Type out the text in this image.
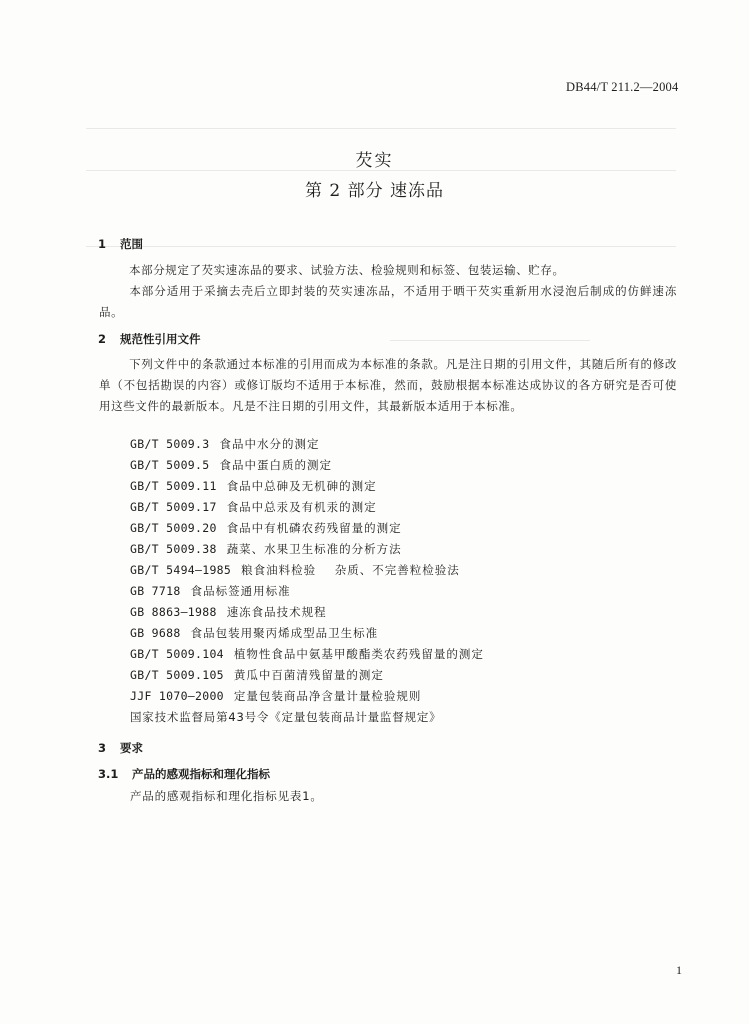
DB44/T 211.2—2004
芡实
第 2 部分 速冻品
1 范围
本部分规定了芡实速冻品的要求、试验方法、检验规则和标签、包装运输、贮存。
本部分适用于采摘去壳后立即封装的芡实速冻品，不适用于晒干芡实重新用水浸泡后制成的仿鲜速冻品。
2 规范性引用文件
下列文件中的条款通过本标准的引用而成为本标准的条款。凡是注日期的引用文件，其随后所有的修改单（不包括勘误的内容）或修订版均不适用于本标准，然而，鼓励根据本标准达成协议的各方研究是否可使用这些文件的最新版本。凡是不注日期的引用文件，其最新版本适用于本标准。
GB/T 5009.3 食品中水分的测定
GB/T 5009.5 食品中蛋白质的测定
GB/T 5009.11 食品中总砷及无机砷的测定
GB/T 5009.17 食品中总汞及有机汞的测定
GB/T 5009.20 食品中有机磷农药残留量的测定
GB/T 5009.38 蔬菜、水果卫生标准的分析方法
GB/T 5494—1985 粮食油料检验    杂质、不完善粒检验法
GB 7718 食品标签通用标准
GB 8863—1988 速冻食品技术规程
GB 9688 食品包装用聚丙烯成型品卫生标准
GB/T 5009.104 植物性食品中氨基甲酸酯类农药残留量的测定
GB/T 5009.105 黄瓜中百菌清残留量的测定
JJF 1070—2000 定量包装商品净含量计量检验规则
国家技术监督局第43号令《定量包装商品计量监督规定》
3 要求
3.1 产品的感观指标和理化指标
产品的感观指标和理化指标见表1。
1
